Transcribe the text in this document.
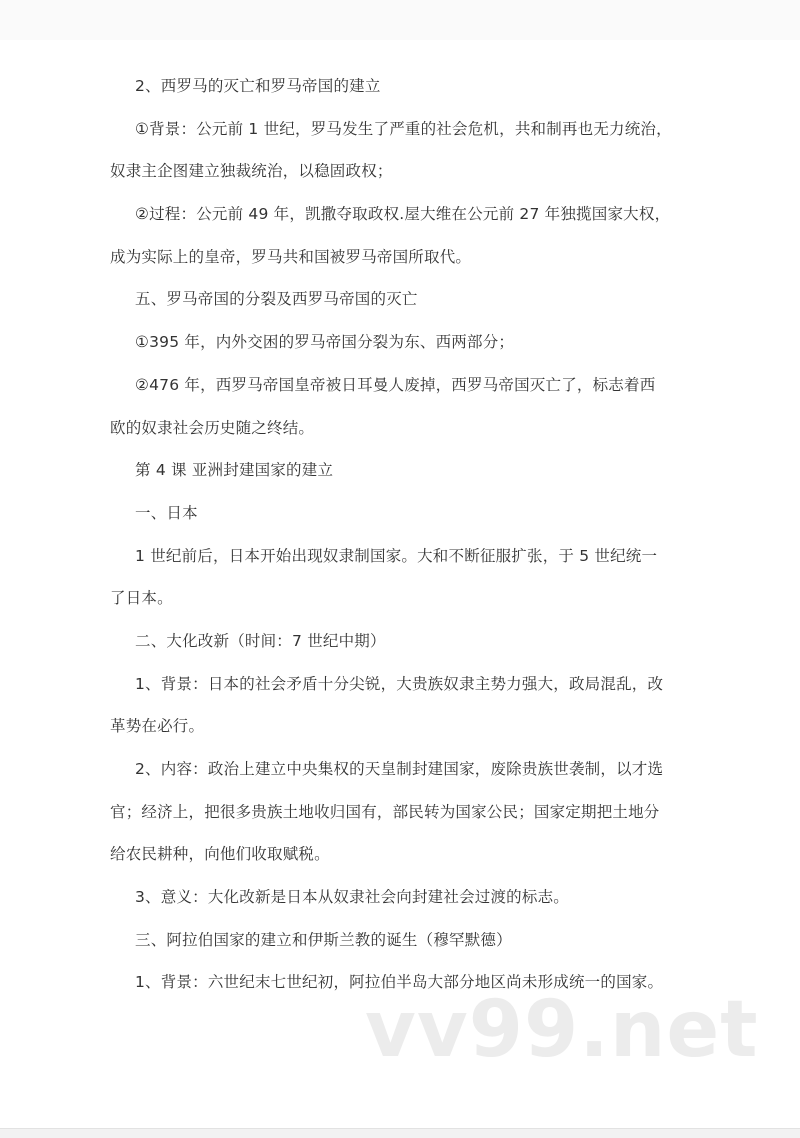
2、西罗马的灭亡和罗马帝国的建立
①背景：公元前 1 世纪，罗马发生了严重的社会危机，共和制再也无力统治，
奴隶主企图建立独裁统治，以稳固政权；
②过程：公元前 49 年，凯撒夺取政权.屋大维在公元前 27 年独揽国家大权，
成为实际上的皇帝，罗马共和国被罗马帝国所取代。
五、罗马帝国的分裂及西罗马帝国的灭亡
①395 年，内外交困的罗马帝国分裂为东、西两部分；
②476 年，西罗马帝国皇帝被日耳曼人废掉，西罗马帝国灭亡了，标志着西
欧的奴隶社会历史随之终结。
第 4 课 亚洲封建国家的建立
一、日本
1 世纪前后，日本开始出现奴隶制国家。大和不断征服扩张，于 5 世纪统一
了日本。
二、大化改新（时间：7 世纪中期）
1、背景：日本的社会矛盾十分尖锐，大贵族奴隶主势力强大，政局混乱，改
革势在必行。
2、内容：政治上建立中央集权的天皇制封建国家，废除贵族世袭制，以才选
官；经济上，把很多贵族土地收归国有，部民转为国家公民；国家定期把土地分
给农民耕种，向他们收取赋税。
3、意义：大化改新是日本从奴隶社会向封建社会过渡的标志。
三、阿拉伯国家的建立和伊斯兰教的诞生（穆罕默德）
1、背景：六世纪末七世纪初，阿拉伯半岛大部分地区尚未形成统一的国家。
vv99.net
